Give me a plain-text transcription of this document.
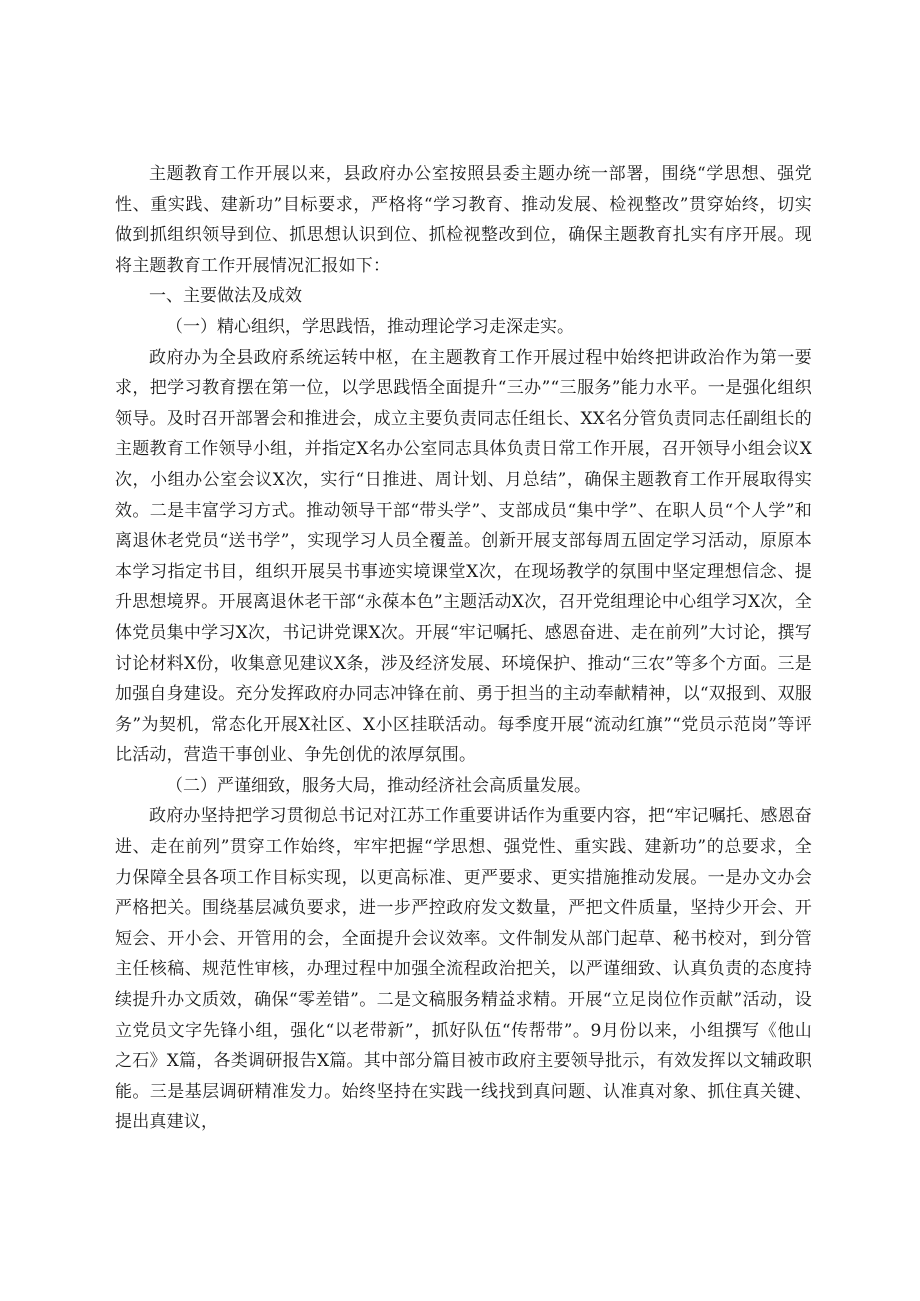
主题教育工作开展以来，县政府办公室按照县委主题办统一部署，围绕“学思想、强党性、重实践、建新功”目标要求，严格将“学习教育、推动发展、检视整改”贯穿始终，切实做到抓组织领导到位、抓思想认识到位、抓检视整改到位，确保主题教育扎实有序开展。现将主题教育工作开展情况汇报如下：

一、主要做法及成效

（一）精心组织，学思践悟，推动理论学习走深走实。

政府办为全县政府系统运转中枢，在主题教育工作开展过程中始终把讲政治作为第一要求，把学习教育摆在第一位，以学思践悟全面提升“三办”“三服务”能力水平。一是强化组织领导。及时召开部署会和推进会，成立主要负责同志任组长、XX名分管负责同志任副组长的主题教育工作领导小组，并指定X名办公室同志具体负责日常工作开展，召开领导小组会议X次，小组办公室会议X次，实行“日推进、周计划、月总结”，确保主题教育工作开展取得实效。二是丰富学习方式。推动领导干部“带头学”、支部成员“集中学”、在职人员“个人学”和离退休老党员“送书学”，实现学习人员全覆盖。创新开展支部每周五固定学习活动，原原本本学习指定书目，组织开展吴书事迹实境课堂X次，在现场教学的氛围中坚定理想信念、提升思想境界。开展离退休老干部“永葆本色”主题活动X次，召开党组理论中心组学习X次，全体党员集中学习X次，书记讲党课X次。开展“牢记嘱托、感恩奋进、走在前列”大讨论，撰写讨论材料X份，收集意见建议X条，涉及经济发展、环境保护、推动“三农”等多个方面。三是加强自身建设。充分发挥政府办同志冲锋在前、勇于担当的主动奉献精神，以“双报到、双服务”为契机，常态化开展X社区、X小区挂联活动。每季度开展“流动红旗”“党员示范岗”等评比活动，营造干事创业、争先创优的浓厚氛围。

（二）严谨细致，服务大局，推动经济社会高质量发展。

政府办坚持把学习贯彻总书记对江苏工作重要讲话作为重要内容，把“牢记嘱托、感恩奋进、走在前列”贯穿工作始终，牢牢把握“学思想、强党性、重实践、建新功”的总要求，全力保障全县各项工作目标实现，以更高标准、更严要求、更实措施推动发展。一是办文办会严格把关。围绕基层减负要求，进一步严控政府发文数量，严把文件质量，坚持少开会、开短会、开小会、开管用的会，全面提升会议效率。文件制发从部门起草、秘书校对，到分管主任核稿、规范性审核，办理过程中加强全流程政治把关，以严谨细致、认真负责的态度持续提升办文质效，确保“零差错”。二是文稿服务精益求精。开展“立足岗位作贡献”活动，设立党员文字先锋小组，强化“以老带新”，抓好队伍“传帮带”。9月份以来，小组撰写《他山之石》X篇，各类调研报告X篇。其中部分篇目被市政府主要领导批示，有效发挥以文辅政职能。三是基层调研精准发力。始终坚持在实践一线找到真问题、认准真对象、抓住真关键、提出真建议，
